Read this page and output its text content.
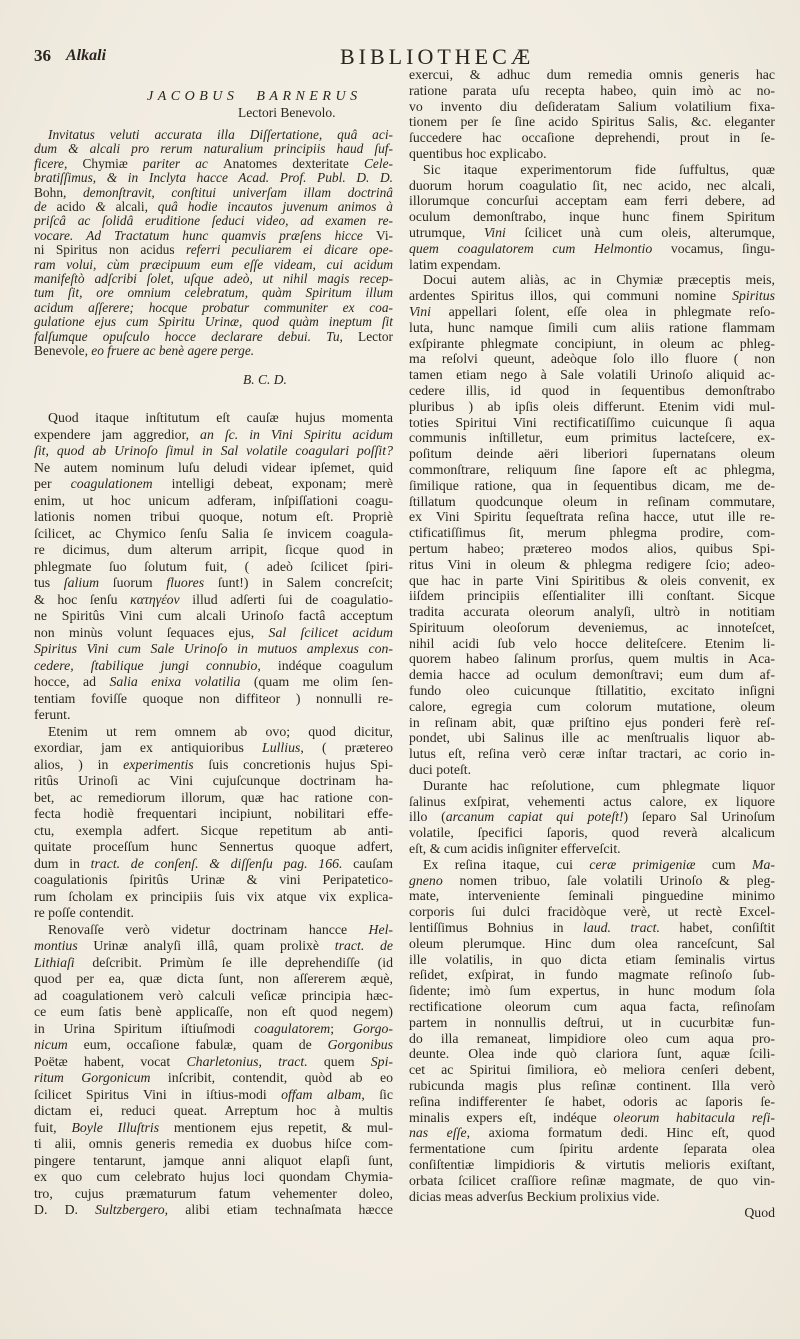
36 Alkali	BIBLIOTHECÆ
JACOBUS BARNERUS
Lectori Benevolo.
Invitatus veluti accurata illa Diſſertatione, quâ aci-
dum & alcali pro rerum naturalium principiis haud ſuf-
ficere, Chymiæ pariter ac Anatomes dexteritate Cele-
bratiſſimus, & in Inclyta hacce Acad. Prof. Publ. D. D.
Bohn, demonſtravit, conſtitui univerſam illam doctrinâ
de acido & alcali, quâ hodie incautos juvenum animos à
priſcâ ac ſolidâ eruditione ſeduci video, ad examen re-
vocare. Ad Tractatum hunc quamvis præſens hicce Vi-
ni Spiritus non acidus referri peculiarem ei dicare ope-
ram volui, cùm præcipuum eum eſſe videam, cui acidum
manifeſtò adſcribi ſolet, uſque adeò, ut nihil magis recep-
tum ſit, ore omnium celebratum, quàm Spiritum illum
acidum aſſerere; hocque probatur communiter ex coa-
gulatione ejus cum Spiritu Urinæ, quod quàm ineptum ſit
falſumque opuſculo hocce declarare debui. Tu, Lector
Benevole, eo fruere ac benè agere perge.
B. C. D.
Quod itaque inſtitutum eſt cauſæ hujus momenta
expendere jam aggredior, an ſc. in Vini Spiritu acidum
ſit, quod ab Urinoſo ſimul in Sal volatile coagulari poſſit?
Ne autem nominum luſu deludi videar ipſemet, quid
per coagulationem intelligi debeat, exponam; merè
enim, ut hoc unicum adferam, inſpiſſationi coagu-
lationis nomen tribui quoque, notum eſt. Propriè
ſcilicet, ac Chymico ſenſu Salia ſe invicem coagula-
re dicimus, dum alterum arripit, ſicque quod in
phlegmate ſuo ſolutum fuit, ( adeò ſcilicet ſpiri-
tus ſalium ſuorum fluores ſunt!) in Salem concreſcit;
& hoc ſenſu κατηγέον illud adſerti ſui de coagulatio-
ne Spiritûs Vini cum alcali Urinoſo factâ acceptum
non minùs volunt ſequaces ejus, Sal ſcilicet acidum
Spiritus Vini cum Sale Urinoſo in mutuos amplexus con-
cedere, ſtabilique jungi connubio, indéque coagulum
hocce, ad Salia enixa volatilia (quam me olim ſen-
tentiam foviſſe quoque non diffiteor ) nonnulli re-
ferunt.
Etenim ut rem omnem ab ovo; quod dicitur,
exordiar, jam ex antiquioribus Lullius, ( prætereo
alios, ) in experimentis ſuis concretionis hujus Spi-
ritûs Urinoſi ac Vini cujuſcunque doctrinam ha-
bet, ac remediorum illorum, quæ hac ratione con-
fecta hodiè frequentari incipiunt, nobilitari effe-
ctu, exempla adfert. Sicque repetitum ab anti-
quitate proceſſum hunc Sennertus quoque adfert,
dum in tract. de conſenſ. & diſſenſu pag. 166. cauſam
coagulationis ſpiritûs Urinæ & vini Peripatetico-
rum ſcholam ex principiis ſuis vix atque vix explica-
re poſſe contendit.
Renovaſſe verò videtur doctrinam hancce Hel-
montius Urinæ analyſi illâ, quam prolixè tract. de
Lithiaſi deſcribit. Primùm ſe ille deprehendiſſe (id
quod per ea, quæ dicta ſunt, non aſſererem æquè,
ad coagulationem verò calculi veſicæ principia hæc-
ce eum ſatis benè applicaſſe, non eſt quod negem)
in Urina Spiritum iſtiuſmodi coagulatorem; Gorgo-
nicum eum, occaſione fabulæ, quam de Gorgonibus
Poëtæ habent, vocat Charletonius, tract. quem Spi-
ritum Gorgonicum inſcribit, contendit, quòd ab eo
ſcilicet Spiritus Vini in iſtius-modi offam albam, ſic
dictam ei, reduci queat. Arreptum hoc à multis
fuit, Boyle Illuſtris mentionem ejus repetit, & mul-
ti alii, omnis generis remedia ex duobus hiſce com-
pingere tentarunt, jamque anni aliquot elapſi ſunt,
ex quo cum celebrato hujus loci quondam Chymia-
tro, cujus præmaturum fatum vehementer doleo,
D. D. Sultzbergero, alibi etiam technaſmata hæcce
exercui, & adhuc dum remedia omnis generis hac
ratione parata uſu recepta habeo, quin imò ac no-
vo invento diu deſideratam Salium volatilium fixa-
tionem per ſe ſine acido Spiritus Salis, &c. eleganter
ſuccedere hac occaſione deprehendi, prout in ſe-
quentibus hoc explicabo.
Sic itaque experimentorum fide ſuffultus, quæ
duorum horum coagulatio ſit, nec acido, nec alcali,
illorumque concurſui acceptam eam ferri debere, ad
oculum demonſtrabo, inque hunc finem Spiritum
utrumque, Vini ſcilicet unà cum oleis, alterumque,
quem coagulatorem cum Helmontio vocamus, ſingu-
latim expendam.
Docui autem aliàs, ac in Chymiæ præceptis meis,
ardentes Spiritus illos, qui communi nomine Spiritus
Vini appellari ſolent, eſſe olea in phlegmate reſo-
luta, hunc namque ſimili cum aliis ratione flammam
exſpirante phlegmate concipiunt, in oleum ac phleg-
ma reſolvi queunt, adeòque ſolo illo fluore ( non
tamen etiam nego à Sale volatili Urinoſo aliquid ac-
cedere illis, id quod in ſequentibus demonſtrabo
pluribus ) ab ipſis oleis differunt. Etenim vidi mul-
toties Spiritui Vini rectificatiſſimo cuicunque ſi aqua
communis inſtilletur, eum primitus lacteſcere, ex-
poſitum deinde aëri liberiori ſupernatans oleum
commonſtrare, reliquum ſine ſapore eſt ac phlegma,
ſimilique ratione, qua in ſequentibus dicam, me de-
ſtillatum quodcunque oleum in reſinam commutare,
ex Vini Spiritu ſequeſtrata reſina hacce, utut ille re-
ctificatiſſimus ſit, merum phlegma prodire, com-
pertum habeo; prætereo modos alios, quibus Spi-
ritus Vini in oleum & phlegma redigere ſcio; adeo-
que hac in parte Vini Spiritibus & oleis convenit, ex
iiſdem principiis eſſentialiter illi conſtant. Sicque
tradita accurata oleorum analyſi, ultrò in notitiam
Spirituum oleoſorum deveniemus, ac innoteſcet,
nihil acidi ſub velo hocce deliteſcere. Etenim li-
quorem habeo ſalinum prorſus, quem multis in Aca-
demia hacce ad oculum demonſtravi; eum dum af-
fundo oleo cuicunque ſtillatitio, excitato inſigni
calore, egregia cum colorum mutatione, oleum
in reſinam abit, quæ priſtino ejus ponderi ferè reſ-
pondet, ubi Salinus ille ac menſtrualis liquor ab-
lutus eſt, reſina verò ceræ inſtar tractari, ac corio in-
duci poteſt.
Durante hac reſolutione, cum phlegmate liquor
ſalinus exſpirat, vehementi actus calore, ex liquore
illo (arcanum capiat qui poteſt!) ſeparo Sal Urinoſum
volatile, ſpecifici ſaporis, quod reverà alcalicum
eſt, & cum acidis inſigniter efferveſcit.
Ex reſina itaque, cui ceræ primigeniæ cum Ma-
gneno nomen tribuo, ſale volatili Urinoſo & pleg-
mate, interveniente ſeminali pinguedine minimo
corporis ſui dulci fracidòque verè, ut rectè Excel-
lentiſſimus Bohnius in laud. tract. habet, conſiſtit
oleum plerumque. Hinc dum olea ranceſcunt, Sal
ille volatilis, in quo dicta etiam ſeminalis virtus
reſidet, exſpirat, in fundo magmate reſinoſo ſub-
ſidente; imò ſum expertus, in hunc modum ſola
rectificatione oleorum cum aqua facta, reſinoſam
partem in nonnullis deſtrui, ut in cucurbitæ fun-
do illa remaneat, limpidiore oleo cum aqua pro-
deunte. Olea inde quò clariora ſunt, aquæ ſcili-
cet ac Spiritui ſimiliora, eò meliora cenſeri debent,
rubicunda magis plus reſinæ continent. Illa verò
reſina indifferenter ſe habet, odoris ac ſaporis ſe-
minalis expers eſt, indéque oleorum habitacula reſi-
nas eſſe, axioma formatum dedi. Hinc eſt, quod
fermentatione cum ſpiritu ardente ſeparata olea
conſiſtentiæ limpidioris & virtutis melioris exiſtant,
orbata ſcilicet craſſiore reſinæ magmate, de quo vin-
dicias meas adverſus Beckium prolixius vide.
Quod
